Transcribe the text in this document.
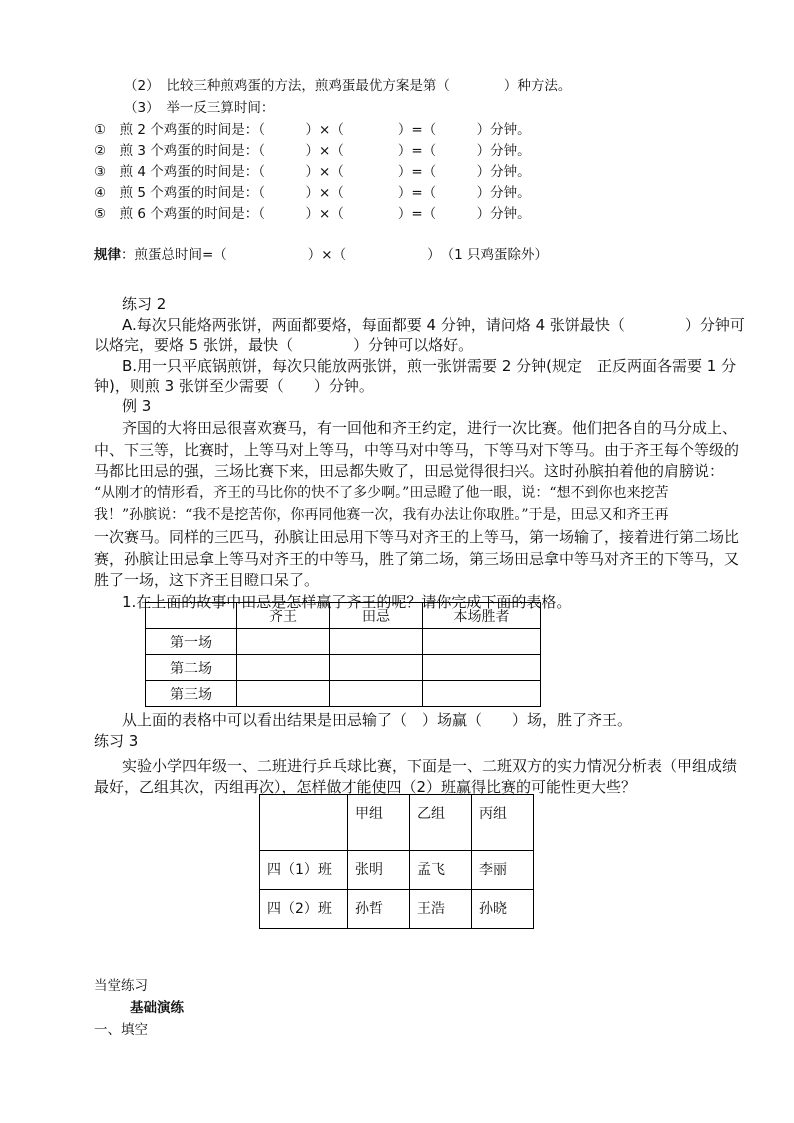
（2）　比较三种煎鸡蛋的方法，煎鸡蛋最优方案是第（　　　　）种方法。
（3）　举一反三算时间：
①　煎 2 个鸡蛋的时间是：（　　　）×（　　　　）=（　　　）分钟。
②　煎 3 个鸡蛋的时间是：（　　　）×（　　　　）=（　　　）分钟。
③　煎 4 个鸡蛋的时间是：（　　　）×（　　　　）=（　　　）分钟。
④　煎 5 个鸡蛋的时间是：（　　　）×（　　　　）=（　　　）分钟。
⑤　煎 6 个鸡蛋的时间是：（　　　）×（　　　　）=（　　　）分钟。
规律：煎蛋总时间=（　　　　　　）×（　　　　　　）　（1 只鸡蛋除外）
练习 2
A.每次只能烙两张饼，两面都要烙，每面都要 4 分钟，请问烙 4 张饼最快（　　　　）分钟可
以烙完，要烙 5 张饼，最快（　　　　）分钟可以烙好。
B.用一只平底锅煎饼，每次只能放两张饼，煎一张饼需要 2 分钟(规定　正反两面各需要 1 分
钟)，则煎 3 张饼至少需要（　　）分钟。
例 3
齐国的大将田忌很喜欢赛马，有一回他和齐王约定，进行一次比赛。他们把各自的马分成上、
中、下三等，比赛时，上等马对上等马，中等马对中等马，下等马对下等马。由于齐王每个等级的
马都比田忌的强，三场比赛下来，田忌都失败了，田忌觉得很扫兴。这时孙膑拍着他的肩膀说：
“从刚才的情形看，齐王的马比你的快不了多少啊。”田忌瞪了他一眼，说：“想不到你也来挖苦
我！”孙膑说：“我不是挖苦你，你再同他赛一次，我有办法让你取胜。”于是，田忌又和齐王再
一次赛马。同样的三匹马，孙膑让田忌用下等马对齐王的上等马，第一场输了，接着进行第二场比
赛，孙膑让田忌拿上等马对齐王的中等马，胜了第二场，第三场田忌拿中等马对齐王的下等马，又
胜了一场，这下齐王目瞪口呆了。
1.在上面的故事中田忌是怎样赢了齐王的呢？请你完成下面的表格。
	齐王	田忌	本场胜者
第一场			
第二场			
第三场			
从上面的表格中可以看出结果是田忌输了（　）场赢（　　）场，胜了齐王。
练习 3
实验小学四年级一、二班进行乒乓球比赛，下面是一、二班双方的实力情况分析表（甲组成绩
最好，乙组其次，丙组再次），怎样做才能使四（2）班赢得比赛的可能性更大些？
	甲组	乙组	丙组
四（1）班	张明	孟飞	李丽
四（2）班	孙哲	王浩	孙晓
当堂练习
基础演练
一、填空
